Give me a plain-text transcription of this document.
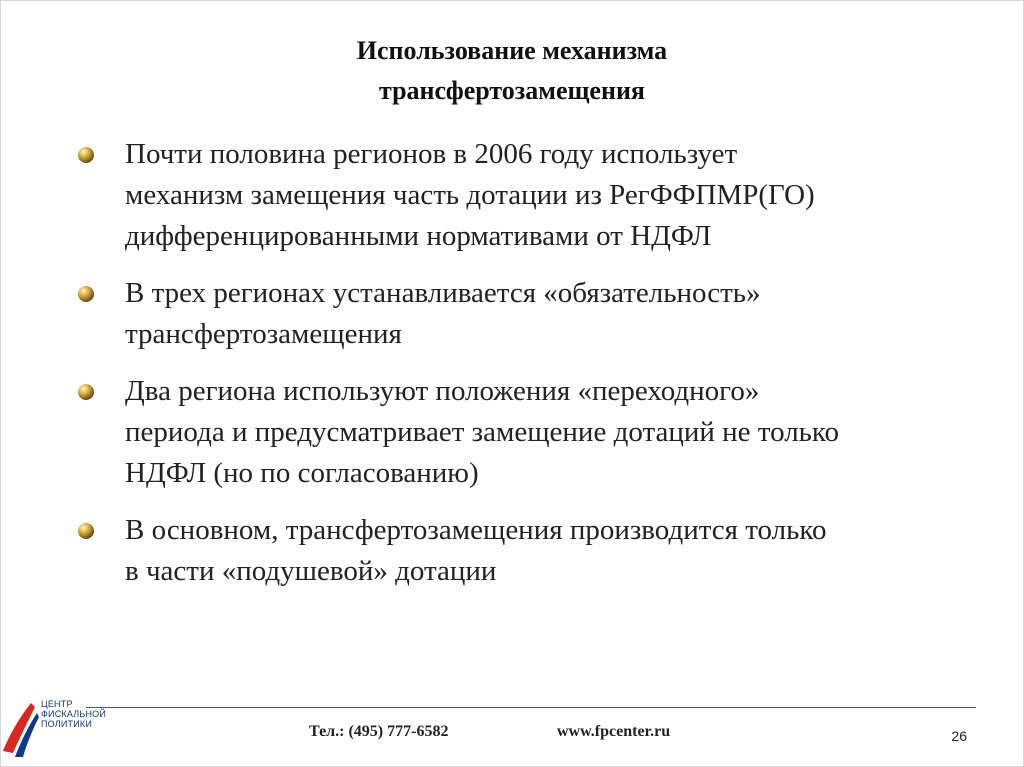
Использование механизма
трансфертозамещения
Почти половина регионов в 2006 году использует
механизм замещения часть дотации из РегФФПМР(ГО)
дифференцированными нормативами от НДФЛ
В трех регионах устанавливается «обязательность»
трансфертозамещения
Два региона используют положения «переходного»
периода и предусматривает замещение дотаций не только
НДФЛ (но по согласованию)
В основном, трансфертозамещения производится только
в части «подушевой» дотации
ЦЕНТР
ФИСКАЛЬНОЙ
ПОЛИТИКИ	Тел.: (495) 777-6582	www.fpcenter.ru	26
